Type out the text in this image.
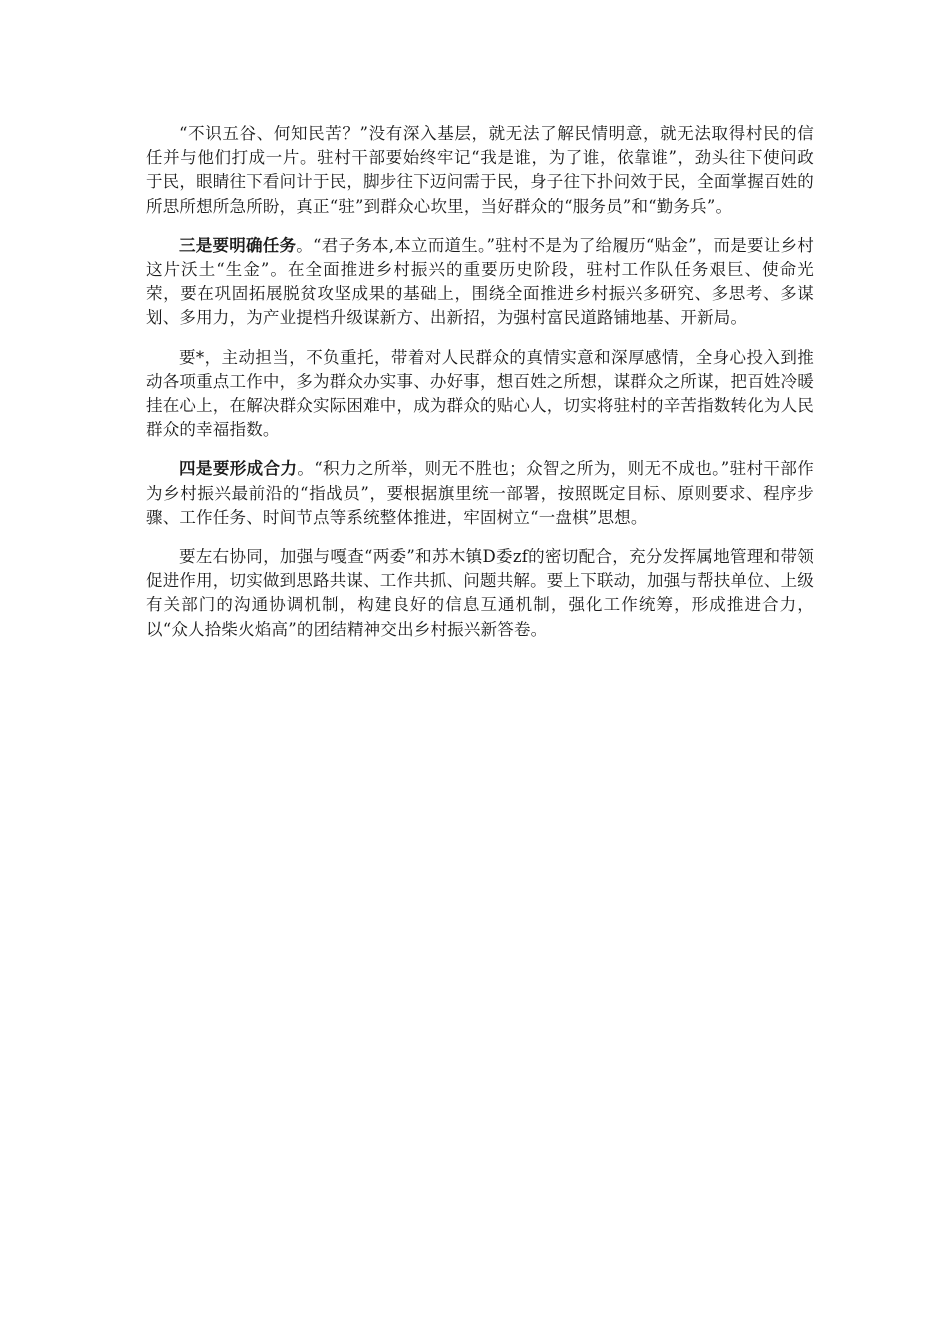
“不识五谷、何知民苦？”没有深入基层，就无法了解民情明意，就无法取得村民的信任并与他们打成一片。驻村干部要始终牢记“我是谁，为了谁，依靠谁”，劲头往下使问政于民，眼睛往下看问计于民，脚步往下迈问需于民，身子往下扑问效于民，全面掌握百姓的所思所想所急所盼，真正“驻”到群众心坎里，当好群众的“服务员”和“勤务兵”。

三是要明确任务。“君子务本,本立而道生。”驻村不是为了给履历“贴金”，而是要让乡村这片沃土“生金”。在全面推进乡村振兴的重要历史阶段，驻村工作队任务艰巨、使命光荣，要在巩固拓展脱贫攻坚成果的基础上，围绕全面推进乡村振兴多研究、多思考、多谋划、多用力，为产业提档升级谋新方、出新招，为强村富民道路铺地基、开新局。

要*，主动担当，不负重托，带着对人民群众的真情实意和深厚感情，全身心投入到推动各项重点工作中，多为群众办实事、办好事，想百姓之所想，谋群众之所谋，把百姓冷暖挂在心上，在解决群众实际困难中，成为群众的贴心人，切实将驻村的辛苦指数转化为人民群众的幸福指数。

四是要形成合力。“积力之所举，则无不胜也；众智之所为，则无不成也。”驻村干部作为乡村振兴最前沿的“指战员”，要根据旗里统一部署，按照既定目标、原则要求、程序步骤、工作任务、时间节点等系统整体推进，牢固树立“一盘棋”思想。

要左右协同，加强与嘎查“两委”和苏木镇D委zf的密切配合，充分发挥属地管理和带领促进作用，切实做到思路共谋、工作共抓、问题共解。要上下联动，加强与帮扶单位、上级有关部门的沟通协调机制，构建良好的信息互通机制，强化工作统筹，形成推进合力，以“众人拾柴火焰高”的团结精神交出乡村振兴新答卷。
